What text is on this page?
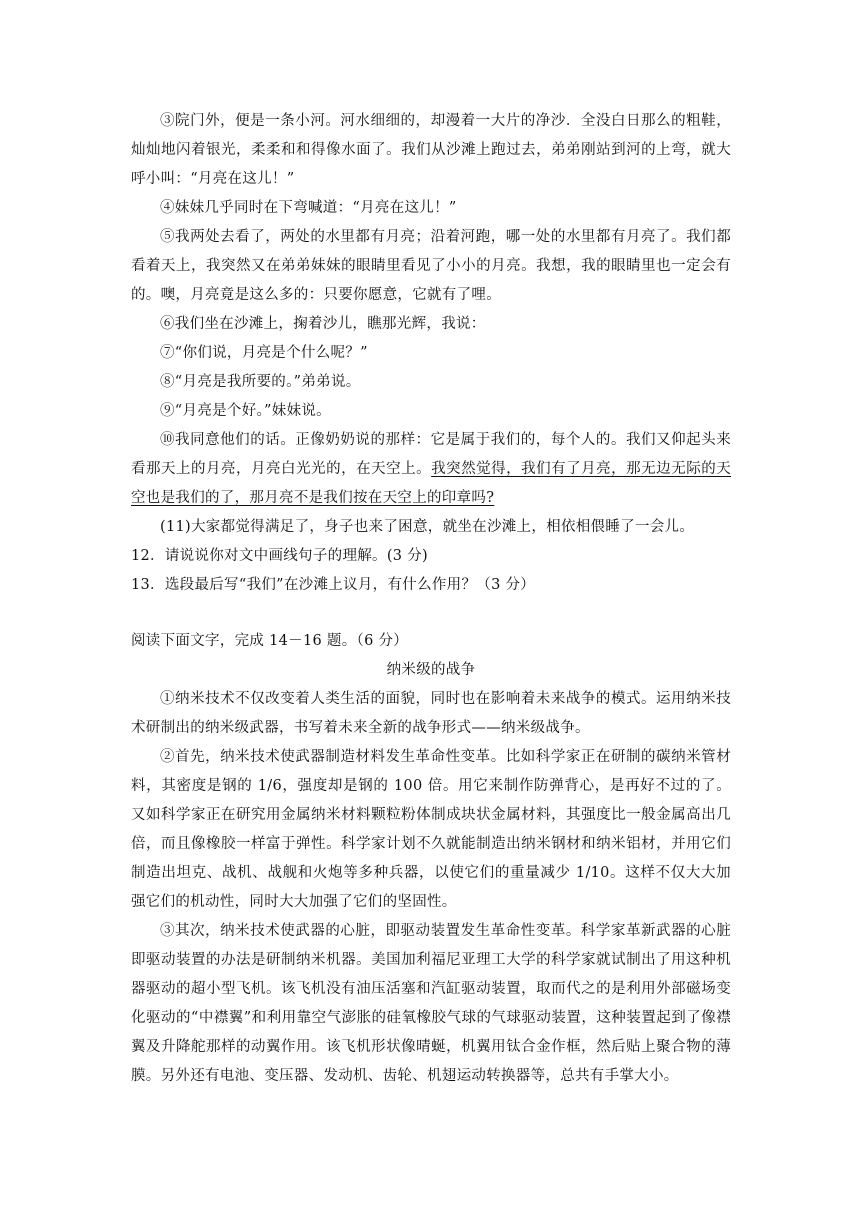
③院门外，便是一条小河。河水细细的，却漫着一大片的净沙．全没白日那么的粗鞋，灿灿地闪着银光，柔柔和和得像水面了。我们从沙滩上跑过去，弟弟刚站到河的上弯，就大呼小叫：“月亮在这儿！”

④妹妹几乎同时在下弯喊道：“月亮在这儿！”

⑤我两处去看了，两处的水里都有月亮；沿着河跑，哪一处的水里都有月亮了。我们都看着天上，我突然又在弟弟妹妹的眼睛里看见了小小的月亮。我想，我的眼睛里也一定会有的。噢，月亮竟是这么多的：只要你愿意，它就有了哩。

⑥我们坐在沙滩上，掬着沙儿，瞧那光辉，我说：

⑦“你们说，月亮是个什么呢？”

⑧“月亮是我所要的。”弟弟说。

⑨“月亮是个好。”妹妹说。

⑩我同意他们的话。正像奶奶说的那样：它是属于我们的，每个人的。我们又仰起头来看那天上的月亮，月亮白光光的，在天空上。我突然觉得，我们有了月亮，那无边无际的天空也是我们的了，那月亮不是我们按在天空上的印章吗?

(11)大家都觉得满足了，身子也来了困意，就坐在沙滩上，相依相偎睡了一会儿。

12．请说说你对文中画线句子的理解。(3 分)

13．选段最后写“我们”在沙滩上议月，有什么作用？（3 分）

阅读下面文字，完成 14－16 题。（6 分）

纳米级的战争

①纳米技术不仅改变着人类生活的面貌，同时也在影响着未来战争的模式。运用纳米技术研制出的纳米级武器，书写着未来全新的战争形式——纳米级战争。

②首先，纳米技术使武器制造材料发生革命性变革。比如科学家正在研制的碳纳米管材料，其密度是钢的 1/6，强度却是钢的 100 倍。用它来制作防弹背心，是再好不过的了。又如科学家正在研究用金属纳米材料颗粒粉体制成块状金属材料，其强度比一般金属高出几倍，而且像橡胶一样富于弹性。科学家计划不久就能制造出纳米钢材和纳米铝材，并用它们制造出坦克、战机、战舰和火炮等多种兵器，以使它们的重量减少 1/10。这样不仅大大加强它们的机动性，同时大大加强了它们的坚固性。

③其次，纳米技术使武器的心脏，即驱动装置发生革命性变革。科学家革新武器的心脏即驱动装置的办法是研制纳米机器。美国加利福尼亚理工大学的科学家就试制出了用这种机器驱动的超小型飞机。该飞机没有油压活塞和汽缸驱动装置，取而代之的是利用外部磁场变化驱动的“中襟翼”和利用靠空气澎胀的硅氧橡胶气球的气球驱动装置，这种装置起到了像襟翼及升降舵那样的动翼作用。该飞机形状像晴蜒，机翼用钛合金作框，然后贴上聚合物的薄膜。另外还有电池、变压器、发动机、齿轮、机翅运动转换器等，总共有手掌大小。
